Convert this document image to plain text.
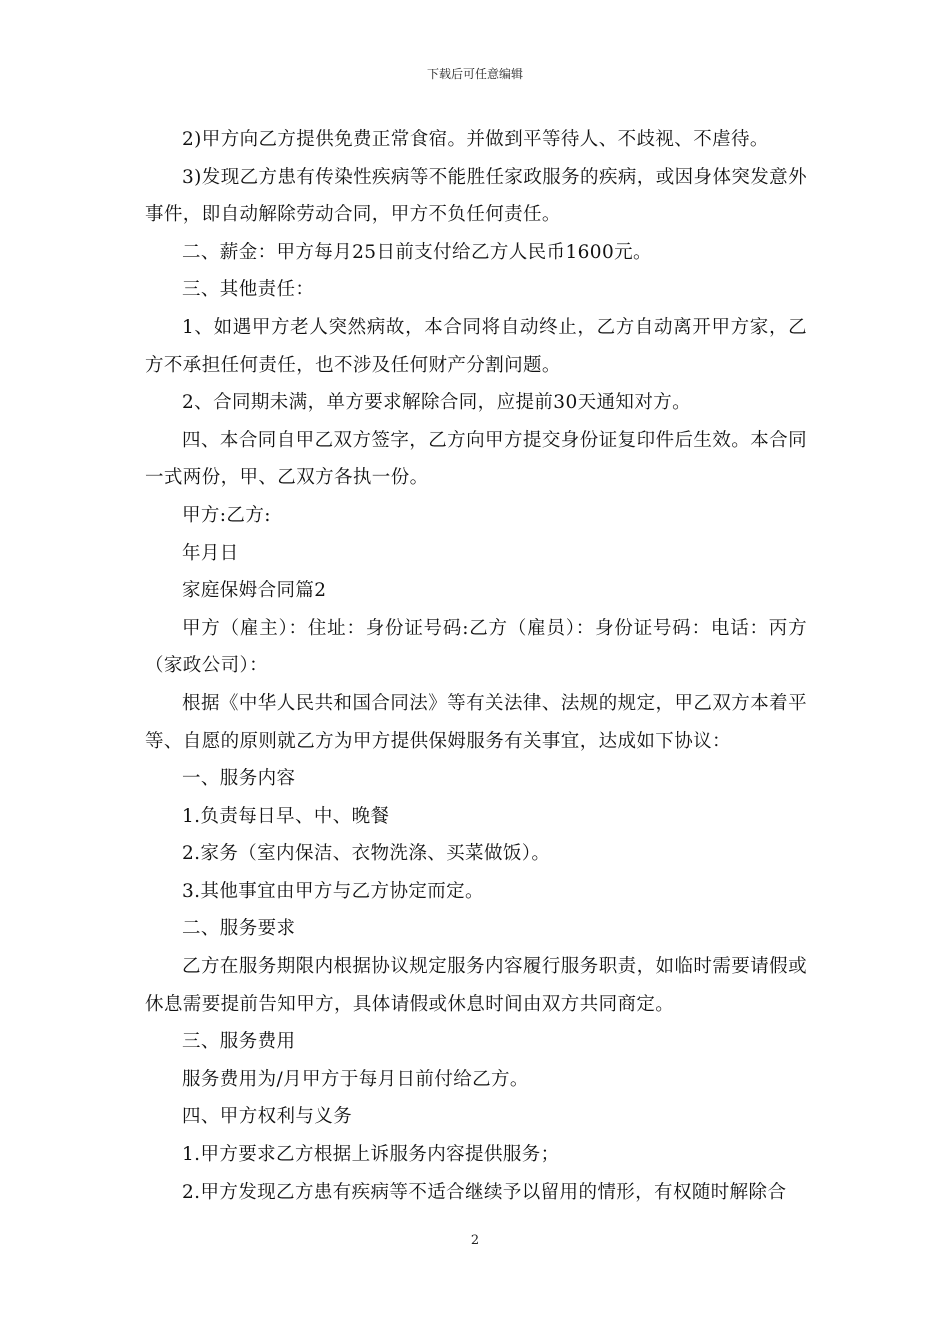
下载后可任意编辑

2)甲方向乙方提供免费正常食宿。并做到平等待人、不歧视、不虐待。

3)发现乙方患有传染性疾病等不能胜任家政服务的疾病，或因身体突发意外事件，即自动解除劳动合同，甲方不负任何责任。

二、薪金：甲方每月25日前支付给乙方人民币1600元。

三、其他责任：

1、如遇甲方老人突然病故，本合同将自动终止，乙方自动离开甲方家，乙方不承担任何责任，也不涉及任何财产分割问题。

2、合同期未满，单方要求解除合同，应提前30天通知对方。

四、本合同自甲乙双方签字，乙方向甲方提交身份证复印件后生效。本合同一式两份，甲、乙双方各执一份。

甲方:乙方:

年月日

家庭保姆合同篇2

甲方（雇主）：住址：身份证号码:乙方（雇员）：身份证号码：电话：丙方（家政公司）：

根据《中华人民共和国合同法》等有关法律、法规的规定，甲乙双方本着平等、自愿的原则就乙方为甲方提供保姆服务有关事宜，达成如下协议：

一、服务内容

1.负责每日早、中、晚餐

2.家务（室内保洁、衣物洗涤、买菜做饭）。

3.其他事宜由甲方与乙方协定而定。

二、服务要求

乙方在服务期限内根据协议规定服务内容履行服务职责，如临时需要请假或休息需要提前告知甲方，具体请假或休息时间由双方共同商定。

三、服务费用

服务费用为/月甲方于每月日前付给乙方。

四、甲方权利与义务

1.甲方要求乙方根据上诉服务内容提供服务；

2.甲方发现乙方患有疾病等不适合继续予以留用的情形，有权随时解除合

2
